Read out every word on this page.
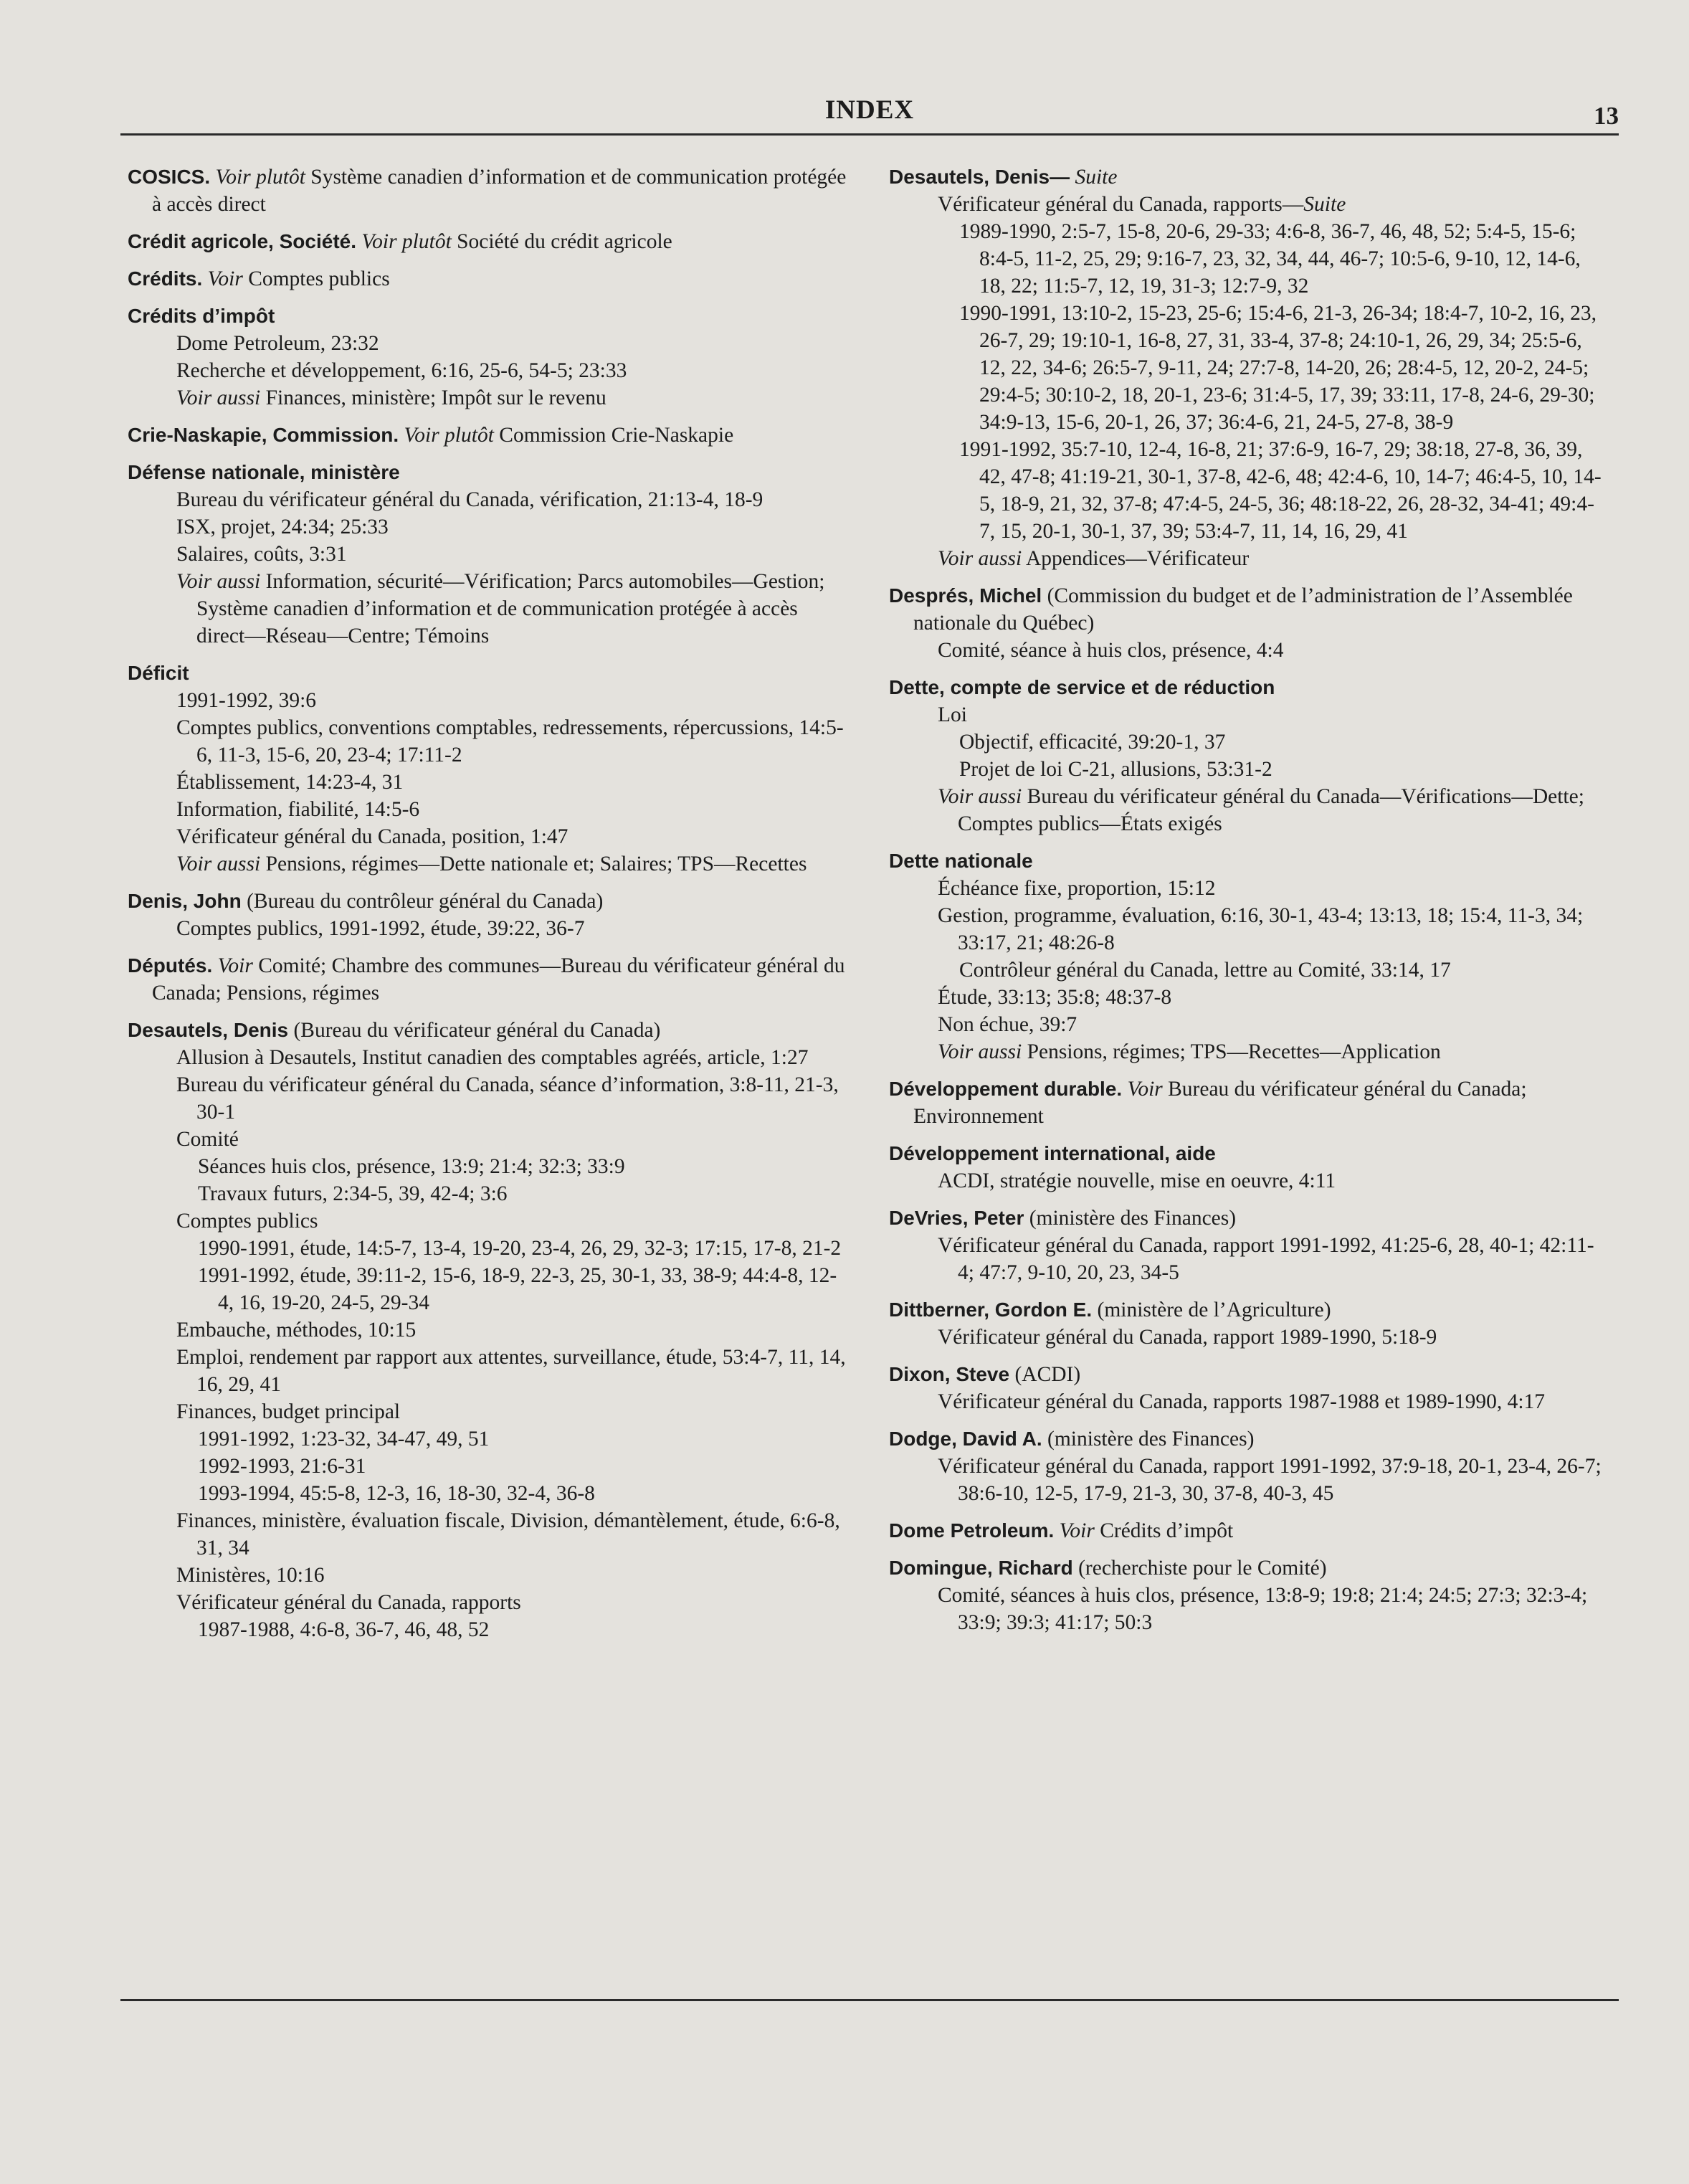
INDEX	13
COSICS. Voir plutôt Système canadien d’information et de communication protégée à accès direct
Crédit agricole, Société. Voir plutôt Société du crédit agricole
Crédits. Voir Comptes publics
Crédits d’impôt
Dome Petroleum, 23:32
Recherche et développement, 6:16, 25-6, 54-5; 23:33
Voir aussi Finances, ministère; Impôt sur le revenu
Crie-Naskapie, Commission. Voir plutôt Commission Crie-Naskapie
Défense nationale, ministère
Bureau du vérificateur général du Canada, vérification, 21:13-4, 18-9
ISX, projet, 24:34; 25:33
Salaires, coûts, 3:31
Voir aussi Information, sécurité—Vérification; Parcs automobiles—Gestion; Système canadien d’information et de communication protégée à accès direct—Réseau—Centre; Témoins
Déficit
1991-1992, 39:6
Comptes publics, conventions comptables, redressements, répercussions, 14:5-6, 11-3, 15-6, 20, 23-4; 17:11-2
Établissement, 14:23-4, 31
Information, fiabilité, 14:5-6
Vérificateur général du Canada, position, 1:47
Voir aussi Pensions, régimes—Dette nationale et; Salaires; TPS—Recettes
Denis, John (Bureau du contrôleur général du Canada)
Comptes publics, 1991-1992, étude, 39:22, 36-7
Députés. Voir Comité; Chambre des communes—Bureau du vérificateur général du Canada; Pensions, régimes
Desautels, Denis (Bureau du vérificateur général du Canada)
Allusion à Desautels, Institut canadien des comptables agréés, article, 1:27
Bureau du vérificateur général du Canada, séance d’information, 3:8-11, 21-3, 30-1
Comité
Séances huis clos, présence, 13:9; 21:4; 32:3; 33:9
Travaux futurs, 2:34-5, 39, 42-4; 3:6
Comptes publics
1990-1991, étude, 14:5-7, 13-4, 19-20, 23-4, 26, 29, 32-3; 17:15, 17-8, 21-2
1991-1992, étude, 39:11-2, 15-6, 18-9, 22-3, 25, 30-1, 33, 38-9; 44:4-8, 12-4, 16, 19-20, 24-5, 29-34
Embauche, méthodes, 10:15
Emploi, rendement par rapport aux attentes, surveillance, étude, 53:4-7, 11, 14, 16, 29, 41
Finances, budget principal
1991-1992, 1:23-32, 34-47, 49, 51
1992-1993, 21:6-31
1993-1994, 45:5-8, 12-3, 16, 18-30, 32-4, 36-8
Finances, ministère, évaluation fiscale, Division, démantèlement, étude, 6:6-8, 31, 34
Ministères, 10:16
Vérificateur général du Canada, rapports
1987-1988, 4:6-8, 36-7, 46, 48, 52
Desautels, Denis— Suite
Vérificateur général du Canada, rapports—Suite
1989-1990, 2:5-7, 15-8, 20-6, 29-33; 4:6-8, 36-7, 46, 48, 52; 5:4-5, 15-6; 8:4-5, 11-2, 25, 29; 9:16-7, 23, 32, 34, 44, 46-7; 10:5-6, 9-10, 12, 14-6, 18, 22; 11:5-7, 12, 19, 31-3; 12:7-9, 32
1990-1991, 13:10-2, 15-23, 25-6; 15:4-6, 21-3, 26-34; 18:4-7, 10-2, 16, 23, 26-7, 29; 19:10-1, 16-8, 27, 31, 33-4, 37-8; 24:10-1, 26, 29, 34; 25:5-6, 12, 22, 34-6; 26:5-7, 9-11, 24; 27:7-8, 14-20, 26; 28:4-5, 12, 20-2, 24-5; 29:4-5; 30:10-2, 18, 20-1, 23-6; 31:4-5, 17, 39; 33:11, 17-8, 24-6, 29-30; 34:9-13, 15-6, 20-1, 26, 37; 36:4-6, 21, 24-5, 27-8, 38-9
1991-1992, 35:7-10, 12-4, 16-8, 21; 37:6-9, 16-7, 29; 38:18, 27-8, 36, 39, 42, 47-8; 41:19-21, 30-1, 37-8, 42-6, 48; 42:4-6, 10, 14-7; 46:4-5, 10, 14-5, 18-9, 21, 32, 37-8; 47:4-5, 24-5, 36; 48:18-22, 26, 28-32, 34-41; 49:4-7, 15, 20-1, 30-1, 37, 39; 53:4-7, 11, 14, 16, 29, 41
Voir aussi Appendices—Vérificateur
Després, Michel (Commission du budget et de l’administration de l’Assemblée nationale du Québec)
Comité, séance à huis clos, présence, 4:4
Dette, compte de service et de réduction
Loi
Objectif, efficacité, 39:20-1, 37
Projet de loi C-21, allusions, 53:31-2
Voir aussi Bureau du vérificateur général du Canada—Vérifications—Dette; Comptes publics—États exigés
Dette nationale
Échéance fixe, proportion, 15:12
Gestion, programme, évaluation, 6:16, 30-1, 43-4; 13:13, 18; 15:4, 11-3, 34; 33:17, 21; 48:26-8
Contrôleur général du Canada, lettre au Comité, 33:14, 17
Étude, 33:13; 35:8; 48:37-8
Non échue, 39:7
Voir aussi Pensions, régimes; TPS—Recettes—Application
Développement durable. Voir Bureau du vérificateur général du Canada; Environnement
Développement international, aide
ACDI, stratégie nouvelle, mise en oeuvre, 4:11
DeVries, Peter (ministère des Finances)
Vérificateur général du Canada, rapport 1991-1992, 41:25-6, 28, 40-1; 42:11-4; 47:7, 9-10, 20, 23, 34-5
Dittberner, Gordon E. (ministère de l’Agriculture)
Vérificateur général du Canada, rapport 1989-1990, 5:18-9
Dixon, Steve (ACDI)
Vérificateur général du Canada, rapports 1987-1988 et 1989-1990, 4:17
Dodge, David A. (ministère des Finances)
Vérificateur général du Canada, rapport 1991-1992, 37:9-18, 20-1, 23-4, 26-7; 38:6-10, 12-5, 17-9, 21-3, 30, 37-8, 40-3, 45
Dome Petroleum. Voir Crédits d’impôt
Domingue, Richard (recherchiste pour le Comité)
Comité, séances à huis clos, présence, 13:8-9; 19:8; 21:4; 24:5; 27:3; 32:3-4; 33:9; 39:3; 41:17; 50:3
